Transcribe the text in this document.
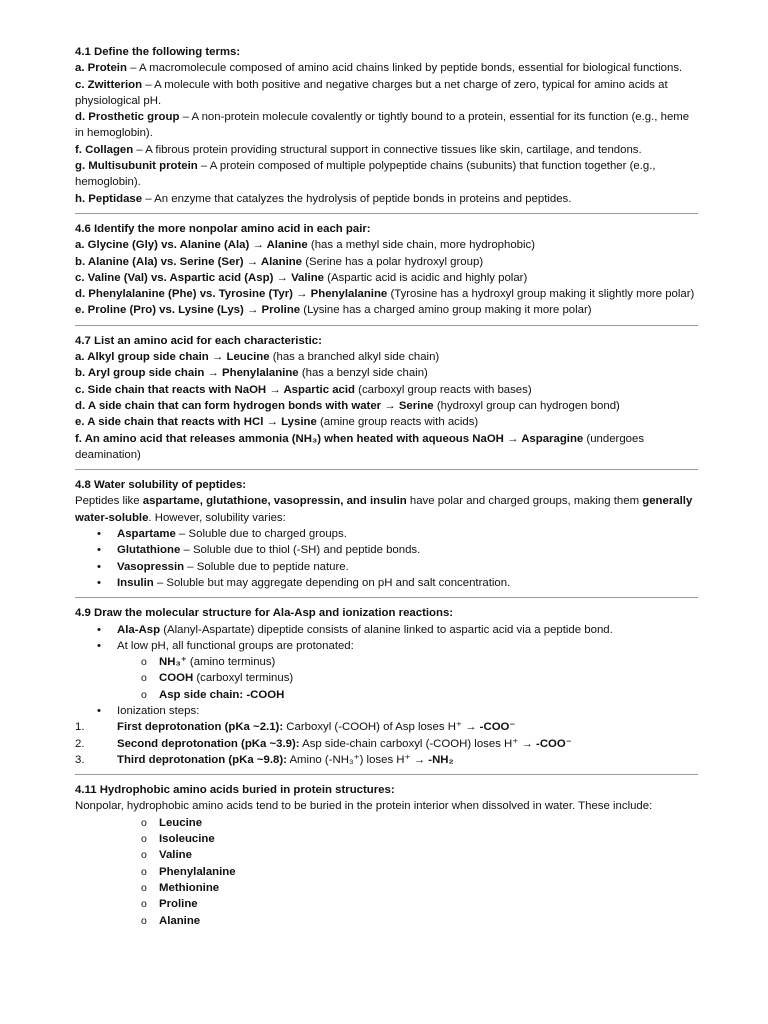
4.1 Define the following terms:

a. Protein – A macromolecule composed of amino acid chains linked by peptide bonds, essential for biological functions.

c. Zwitterion – A molecule with both positive and negative charges but a net charge of zero, typical for amino acids at physiological pH.

d. Prosthetic group – A non-protein molecule covalently or tightly bound to a protein, essential for its function (e.g., heme in hemoglobin).

f. Collagen – A fibrous protein providing structural support in connective tissues like skin, cartilage, and tendons.

g. Multisubunit protein – A protein composed of multiple polypeptide chains (subunits) that function together (e.g., hemoglobin).

h. Peptidase – An enzyme that catalyzes the hydrolysis of peptide bonds in proteins and peptides.

4.6 Identify the more nonpolar amino acid in each pair:

a. Glycine (Gly) vs. Alanine (Ala) → Alanine (has a methyl side chain, more hydrophobic)

b. Alanine (Ala) vs. Serine (Ser) → Alanine (Serine has a polar hydroxyl group)

c. Valine (Val) vs. Aspartic acid (Asp) → Valine (Aspartic acid is acidic and highly polar)

d. Phenylalanine (Phe) vs. Tyrosine (Tyr) → Phenylalanine (Tyrosine has a hydroxyl group making it slightly more polar)

e. Proline (Pro) vs. Lysine (Lys) → Proline (Lysine has a charged amino group making it more polar)

4.7 List an amino acid for each characteristic:

a. Alkyl group side chain → Leucine (has a branched alkyl side chain)

b. Aryl group side chain → Phenylalanine (has a benzyl side chain)

c. Side chain that reacts with NaOH → Aspartic acid (carboxyl group reacts with bases)

d. A side chain that can form hydrogen bonds with water → Serine (hydroxyl group can hydrogen bond)

e. A side chain that reacts with HCl → Lysine (amine group reacts with acids)

f. An amino acid that releases ammonia (NH₃) when heated with aqueous NaOH → Asparagine (undergoes deamination)

4.8 Water solubility of peptides:

Peptides like aspartame, glutathione, vasopressin, and insulin have polar and charged groups, making them generally water-soluble. However, solubility varies:

• Aspartame – Soluble due to charged groups.
• Glutathione – Soluble due to thiol (-SH) and peptide bonds.
• Vasopressin – Soluble due to peptide nature.
• Insulin – Soluble but may aggregate depending on pH and salt concentration.

4.9 Draw the molecular structure for Ala-Asp and ionization reactions:

• Ala-Asp (Alanyl-Aspartate) dipeptide consists of alanine linked to aspartic acid via a peptide bond.
• At low pH, all functional groups are protonated:
o NH₃⁺ (amino terminus)
o COOH (carboxyl terminus)
o Asp side chain: -COOH
• Ionization steps:
1.	First deprotonation (pKa ~2.1): Carboxyl (-COOH) of Asp loses H⁺ → -COO⁻
2.	Second deprotonation (pKa ~3.9): Asp side-chain carboxyl (-COOH) loses H⁺ → -COO⁻
3.	Third deprotonation (pKa ~9.8): Amino (-NH₃⁺) loses H⁺ → -NH₂

4.11 Hydrophobic amino acids buried in protein structures:

Nonpolar, hydrophobic amino acids tend to be buried in the protein interior when dissolved in water. These include:

o Leucine
o Isoleucine
o Valine
o Phenylalanine
o Methionine
o Proline
o Alanine
